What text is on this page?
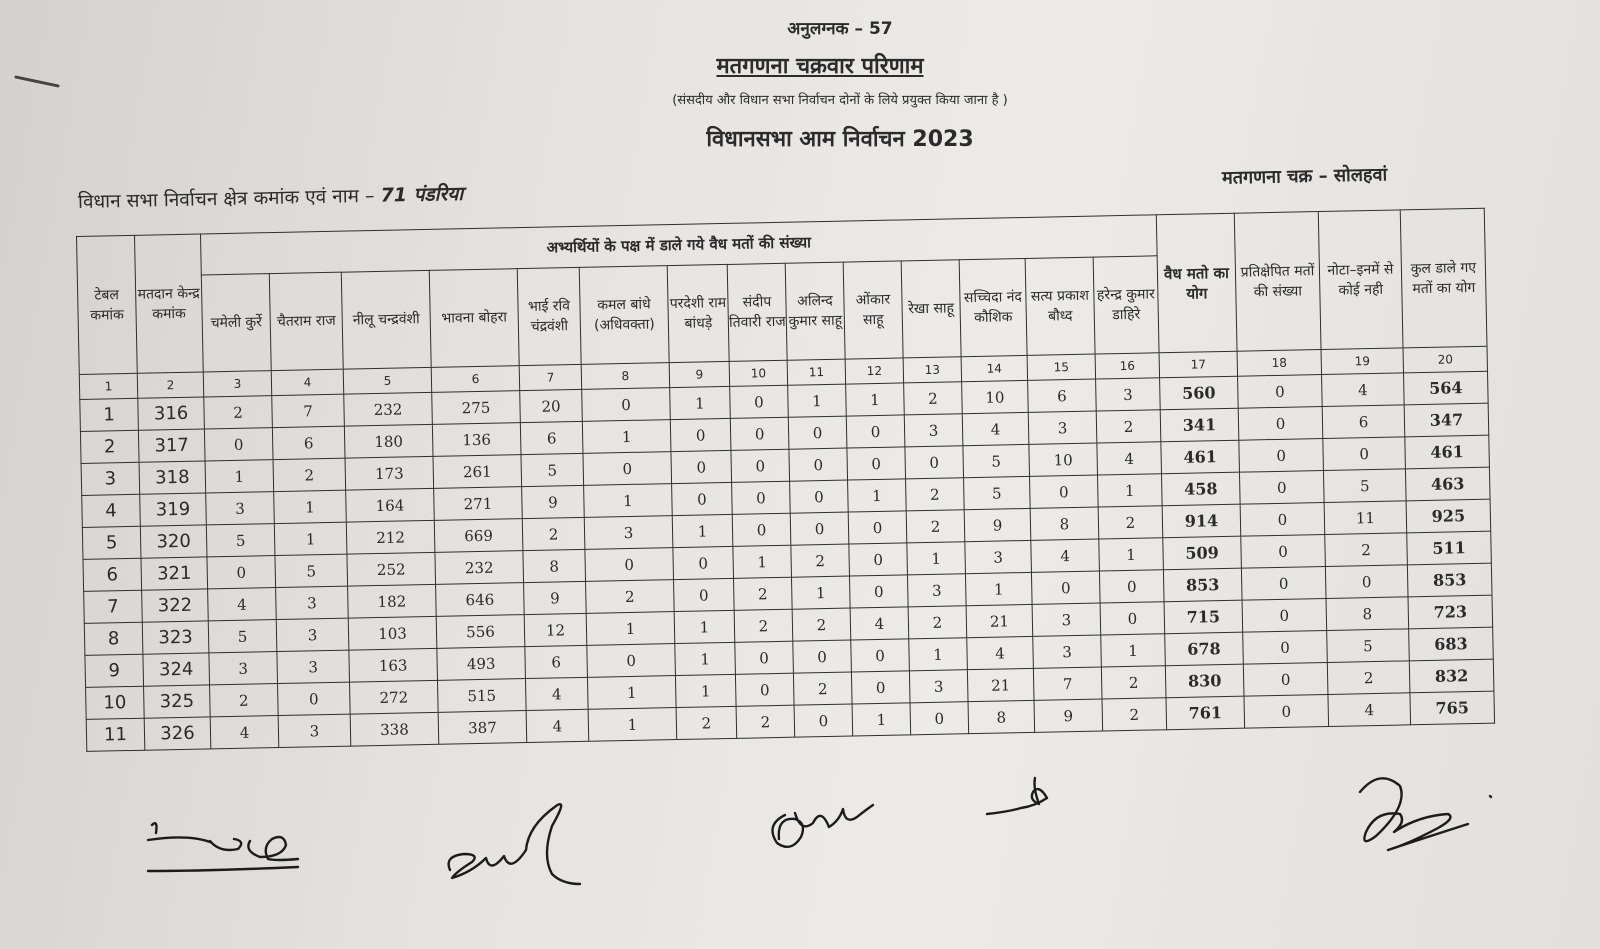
अनुलग्नक – 57
मतगणना चक्रवार परिणाम
(संसदीय और विधान सभा निर्वाचन दोनों के लिये प्रयुक्त किया जाना है )
विधानसभा आम निर्वाचन 2023
विधान सभा निर्वाचन क्षेत्र कमांक एवं नाम – 71 पंडरिया
मतगणना चक्र – सोलहवां
टेबल कमांक	मतदान केन्द्र कमांक	अभ्यर्थियों के पक्ष में डाले गये वैध मतों की संख्या														वैध मतो का योग	प्रतिक्षेपित मतों की संख्या	नोटा–इनमें से कोई नही	कुल डाले गए मतों का योग
		चमेली कुर्रे	चैतराम राज	नीलू चन्द्रवंशी	भावना बोहरा	भाई रवि चंद्रवंशी	कमल बांधे (अधिवक्ता)	परदेशी राम बांधड़े	संदीप तिवारी राज	अलिन्द कुमार साहू	ओंकार साहू	रेखा साहू	सच्चिदा नंद कौशिक	सत्य प्रकाश बौध्द	हरेन्द्र कुमार डाहिरे				
1	2	3	4	5	6	7	8	9	10	11	12	13	14	15	16	17	18	19	20
1	316	2	7	232	275	20	0	1	0	1	1	2	10	6	3	560	0	4	564
2	317	0	6	180	136	6	1	0	0	0	0	3	4	3	2	341	0	6	347
3	318	1	2	173	261	5	0	0	0	0	0	0	5	10	4	461	0	0	461
4	319	3	1	164	271	9	1	0	0	0	1	2	5	0	1	458	0	5	463
5	320	5	1	212	669	2	3	1	0	0	0	2	9	8	2	914	0	11	925
6	321	0	5	252	232	8	0	0	1	2	0	1	3	4	1	509	0	2	511
7	322	4	3	182	646	9	2	0	2	1	0	3	1	0	0	853	0	0	853
8	323	5	3	103	556	12	1	1	2	2	4	2	21	3	0	715	0	8	723
9	324	3	3	163	493	6	0	1	0	0	0	1	4	3	1	678	0	5	683
10	325	2	0	272	515	4	1	1	0	2	0	3	21	7	2	830	0	2	832
11	326	4	3	338	387	4	1	2	2	0	1	0	8	9	2	761	0	4	765
